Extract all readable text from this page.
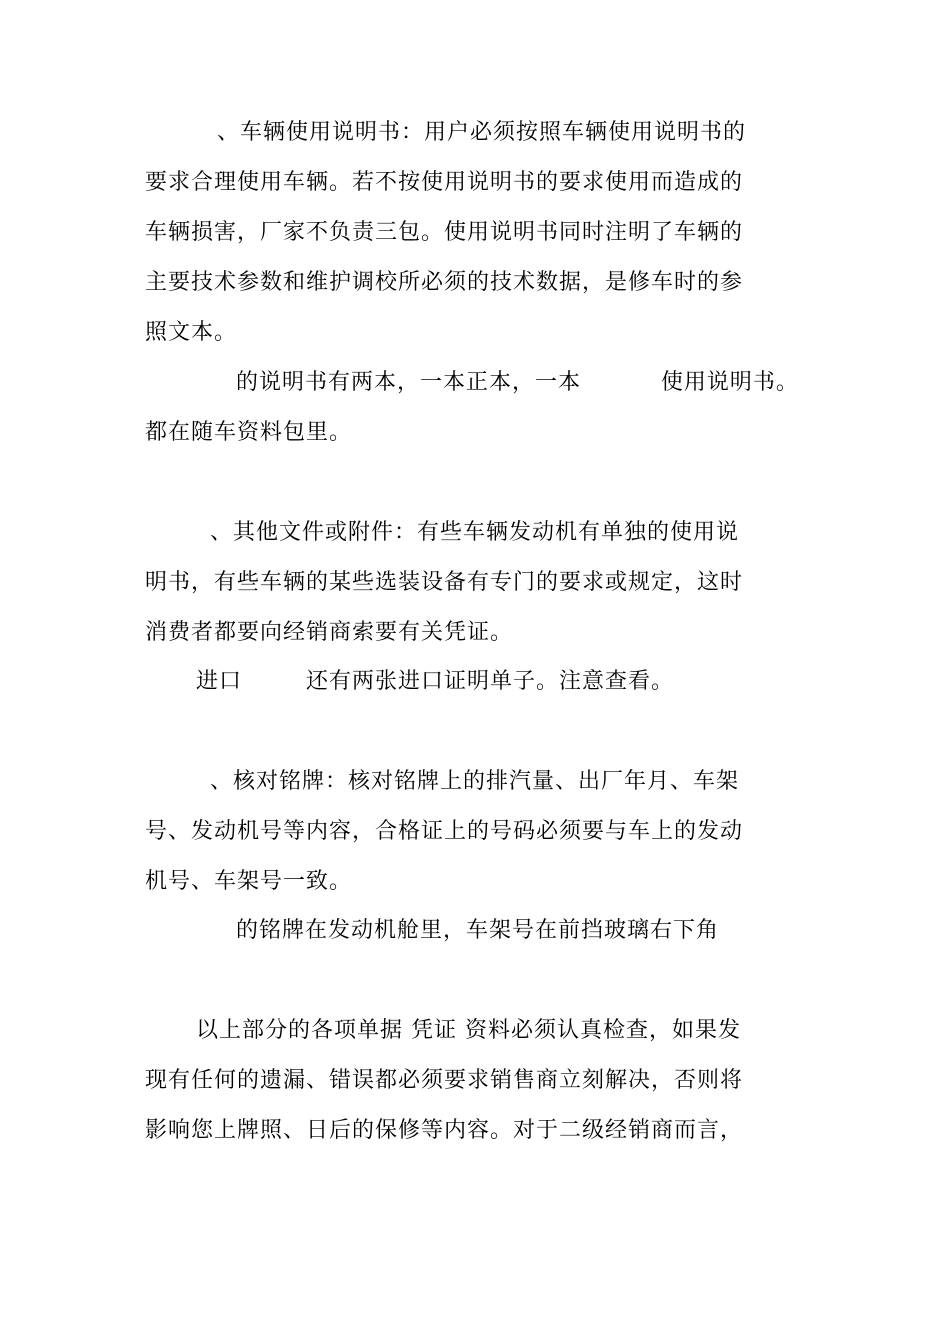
、车辆使用说明书：用户必须按照车辆使用说明书的
要求合理使用车辆。若不按使用说明书的要求使用而造成的
车辆损害，厂家不负责三包。使用说明书同时注明了车辆的
主要技术参数和维护调校所必须的技术数据，是修车时的参
照文本。
的说明书有两本，一本正本，一本          使用说明书。
都在随车资料包里。
、其他文件或附件：有些车辆发动机有单独的使用说
明书，有些车辆的某些选装设备有专门的要求或规定，这时
消费者都要向经销商索要有关凭证。
进口        还有两张进口证明单子。注意查看。
、核对铭牌：核对铭牌上的排汽量、出厂年月、车架
号、发动机号等内容，合格证上的号码必须要与车上的发动
机号、车架号一致。
的铭牌在发动机舱里，车架号在前挡玻璃右下角
以上部分的各项单据 凭证 资料必须认真检查，如果发
现有任何的遗漏、错误都必须要求销售商立刻解决，否则将
影响您上牌照、日后的保修等内容。对于二级经销商而言，
